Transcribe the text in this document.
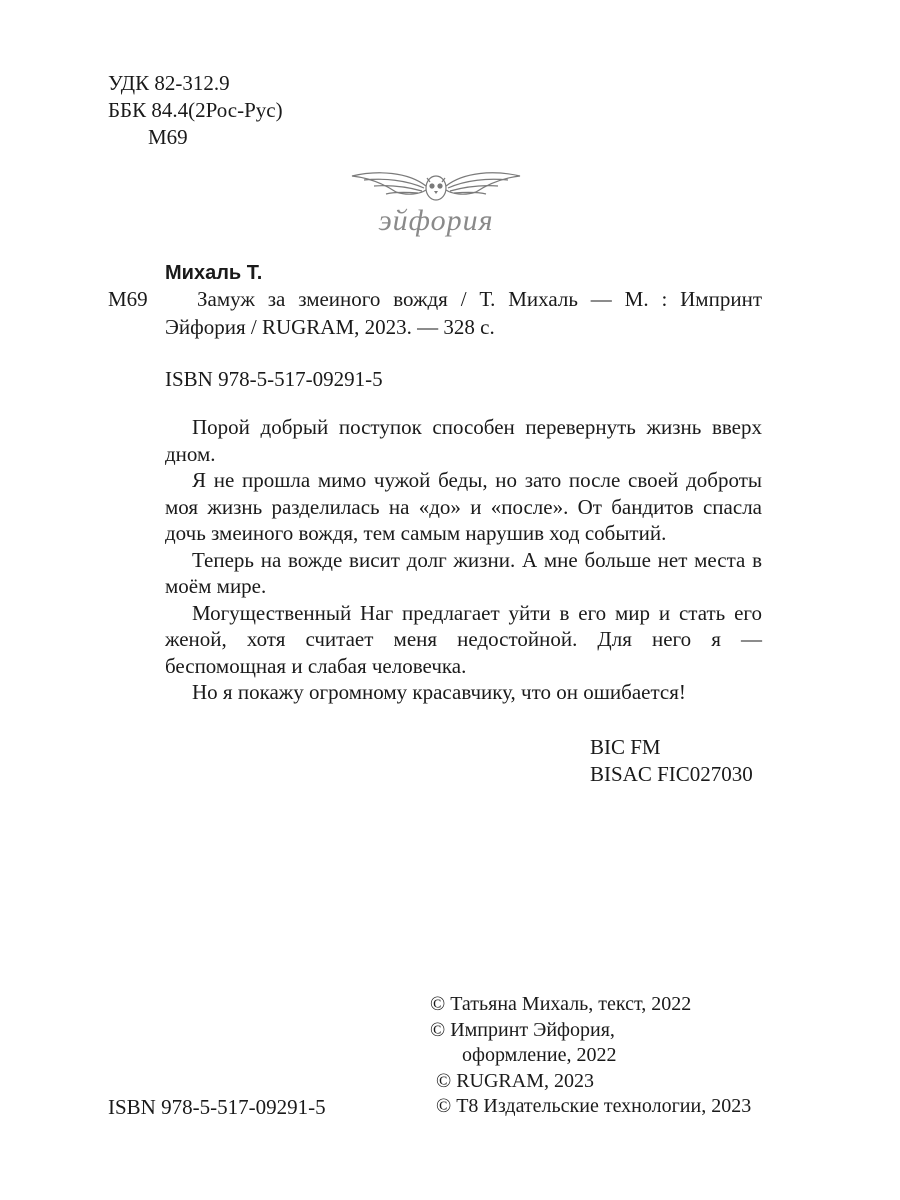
УДК 82-312.9
ББК 84.4(2Рос-Рус)
М69
эйфория
Михаль Т.
М69 Замуж за змеиного вождя / Т. Михаль — М. : Импринт
Эйфория / RUGRAM, 2023. — 328 с.
ISBN 978-5-517-09291-5

Порой добрый поступок способен перевернуть жизнь вверх дном.

Я не прошла мимо чужой беды, но зато после своей доброты моя жизнь разделилась на «до» и «после». От бандитов спасла дочь змеиного вождя, тем самым нарушив ход событий.

Теперь на вожде висит долг жизни. А мне больше нет места в моём мире.

Могущественный Наг предлагает уйти в его мир и стать его женой, хотя считает меня недостойной. Для него я — беспомощная и слабая человечка.

Но я покажу огромному красавчику, что он ошибается!

BIC FM
BISAC FIC027030
© Татьяна Михаль, текст, 2022
© Импринт Эйфория,
оформление, 2022
© RUGRAM, 2023
© Т8 Издательские технологии, 2023
ISBN 978-5-517-09291-5
